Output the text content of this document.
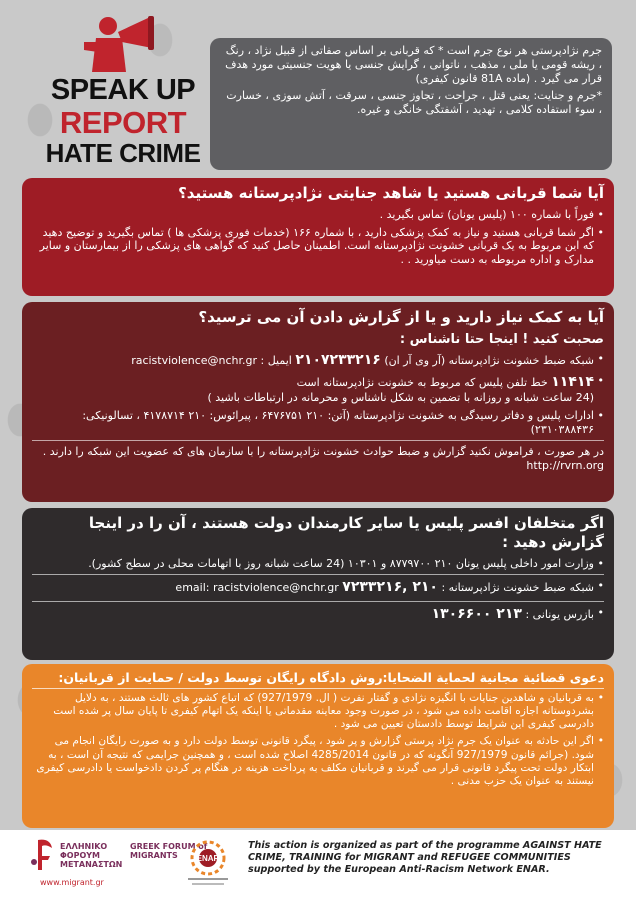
SPEAK UP
REPORT
HATE CRIME

جرم نژادپرستی هر نوع جرم است * که قربانی بر اساس صفاتی از قبیل نژاد ، رنگ ، ریشه قومی یا ملی ، مذهب ، ناتوانی ، گرایش جنسی یا هویت جنسیتی مورد هدف قرار می گیرد . (ماده 81A قانون کیفری)

*جرم و جنایت: یعنی قتل ، جراحت ، تجاوز جنسی ، سرقت ، آتش سوزی ، خسارت ، سوء استفاده کلامی ، تهدید ، آشفتگی خانگی و غیره.

آیا شما قربانی هستید یا شاهد جنایتی نژادپرستانه هستید؟
•
فوراً با شماره ۱۰۰ (پلیس یونان) تماس بگیرید .
•
اگر شما قربانی هستید و نیاز به کمک پزشکی دارید ، با شماره ۱۶۶ (خدمات فوری پزشکی ها ) تماس بگیرید و توضیح دهید که این مربوط به یک قربانی خشونت نژادپرستانه است. اطمینان حاصل کنید که گواهی های پزشکی را از بیمارستان و سایر مدارک و اداره مربوطه به دست میاورید . .
آیا به کمک نیاز دارید و یا از گزارش دادن آن می ترسید؟
صحبت کنید ! اینجا حتا ناشناس :
•
شبکه ضبط خشونت نژادپرستانه (آر وی آر ان) ۲۱۰۷۲۳۳۲۱۶ ایمیل : racistviolence@nchr.gr
•
۱۱۴۱۴ خط تلفن پلیس که مربوط به خشونت نژادپرستانه است
(24 ساعت شبانه و روزانه با تضمین به شکل ناشناس و محرمانه در ارتباطات باشید )
•
ادارات پلیس و دفاتر رسیدگی به خشونت نژادپرستانه (آتن: ۲۱۰ ۶۴۷۶۷۵۱ ، پیرائوس: ۲۱۰ ۴۱۷۸۷۱۴ ، تسالونیکی: ۲۳۱۰۳۸۸۴۳۶)
در هر صورت ، فراموش نکنید گزارش و ضبط حوادث خشونت نژادپرستانه را با سازمان های که عضویت این شبکه را دارند . http://rvrn.org
اگر متخلفان افسر پلیس یا سایر کارمندان دولت هستند ، آن را در اینجا گزارش دهید :
•
وزارت امور داخلی پلیس یونان ۲۱۰ ۸۷۷۹۷۰۰ و ۱۰۳۰۱ (24 ساعت شبانه روز با اتهامات محلی در سطح کشور).
•
شبکه ضبط خشونت نژادپرستانه : ۲۱۰ ,۷۲۳۳۲۱۶ email: racistviolence@nchr.gr
•
بازرس یونانی : ۲۱۳ ۱۳۰۶۶۰۰
دعوی قضائیة مجانیة لحمایة الضحایا:روش دادگاه رایگان توسط دولت / حمایت از قربانیان:
•
به قربانیان و شاهدین جنایات با انگیزه نژادی و گفتار نفرت ( ال. 927/1979) که اتباع کشور های ثالث هستند ، به دلایل بشردوستانه اجازه اقامت داده می شود ، در صورت وجود معاینه مقدماتی یا اینکه یک اتهام کیفری تا پایان سال پر شده است دادرسی کیفری این شرایط توسط دادستان تعیین می شود .
•
اگر این حادثه به عنوان یک جرم نژاد پرستی گزارش و پر شود ، پیگرد قانونی توسط دولت دارد و به صورت رایگان انجام می شود. (جرائم قانون 927/1979 آنگونه که در قانون 4285/2014 اصلاح شده است ، و همچنین جرایمی که نتیجه آن است ، به ابتکار دولت تحت پیگرد قانونی قرار می گیرند و قربانیان مکلف به پرداخت هزینه در هنگام پر کردن دادخواست یا دادرسی کیفری نیستند به عنوان یک حزب مدنی .
ΕΛΛΗΝΙΚΟ ΦΟΡΟΥΜ ΜΕΤΑΝΑΣΤΩΝ
GREEK FORUM of MIGRANTS
www.migrant.gr
ENAR
This action is organized as part of the programme AGAINST HATE CRIME, TRAINING for MIGRANT and REFUGEE COMMUNITIES supported by the European Anti-Racism Network ENAR.
